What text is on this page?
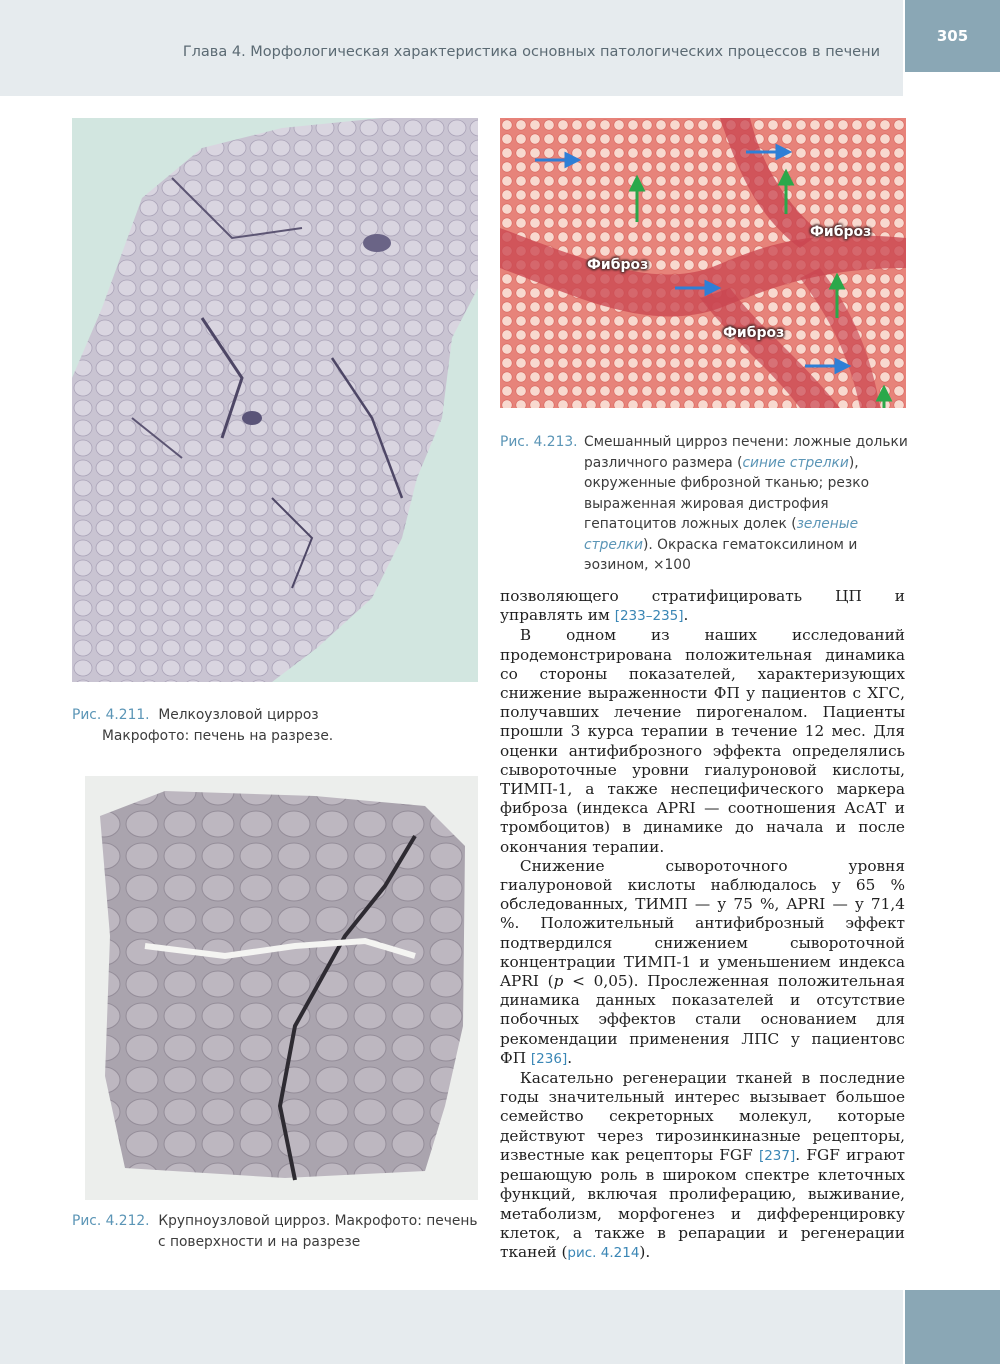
Глава 4. Морфологическая характеристика основных патологических процессов в печени
305
Фиброз
Фиброз
Фиброз
Рис. 4.213. Смешанный цирроз печени: ложные дольки различного размера (синие стрелки), окруженные фиброзной тканью; резко выраженная жировая дистрофия гепатоцитов ложных долек (зеленые стрелки). Окраска гематоксилином и эозином, ×100
Рис. 4.211. Мелкоузловой цирроз
Макрофото: печень на разрезе.
Рис. 4.212. Крупноузловой цирроз. Макрофото: печень
с поверхности и на разрезе

позволяющего стратифицировать ЦП и управлять им [233–235].

В одном из наших исследований продемонстрирована положительная динамика со стороны показателей, характеризующих снижение выраженности ФП у пациентов с ХГС, получавших лечение пирогеналом. Пациенты прошли 3 курса терапии в течение 12 мес. Для оценки антифиброзного эффекта определялись сывороточные уровни гиалуроновой кислоты, ТИМП-1, а также неспецифического маркера фиброза (индекса APRI — соотношения АсАТ и тромбоцитов) в динамике до начала и после окончания терапии.

Снижение сывороточного уровня гиалуроновой кислоты наблюдалось у 65 % обследованных, ТИМП — у 75 %, APRI — у 71,4 %. Положительный антифиброзный эффект подтвердился снижением сывороточной концентрации ТИМП-1 и уменьшением индекса APRI (p < 0,05). Прослеженная положительная динамика данных показателей и отсутствие побочных эффектов стали основанием для рекомендации применения ЛПС у пациентовс ФП [236].

Касательно регенерации тканей в последние годы значительный интерес вызывает большое семейство секреторных молекул, которые действуют через тирозинкиназные рецепторы, известные как рецепторы FGF [237]. FGF играют решающую роль в широком спектре клеточных функций, включая пролиферацию, выживание, метаболизм, морфогенез и дифференцировку клеток, а также в репарации и регенерации тканей (рис. 4.214).
